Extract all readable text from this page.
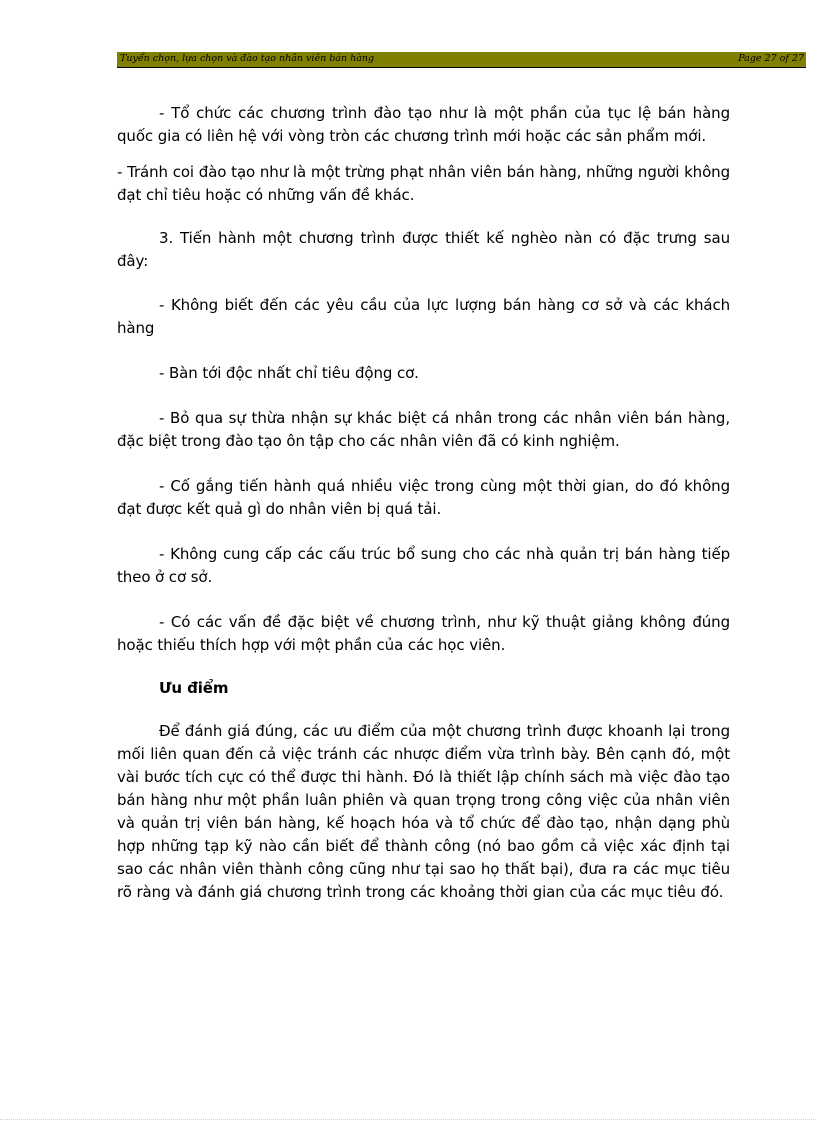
Tuyển chọn, lựa chọn và đào tạo nhân viên bán hàng	Page 27 of 27

- Tổ chức các chương trình đào tạo như là một phần của tục lệ bán hàng quốc gia có liên hệ với vòng tròn các chương trình mới hoặc các sản phẩm mới.

- Tránh coi đào tạo như là một trừng phạt nhân viên bán hàng, những người không đạt chỉ tiêu hoặc có những vấn đề khác.

3. Tiến hành một chương trình được thiết kế nghèo nàn có đặc trưng sau đây:

- Không biết đến các yêu cầu của lực lượng bán hàng cơ sở và các khách hàng

- Bàn tới độc nhất chỉ tiêu động cơ.

- Bỏ qua sự thừa nhận sự khác biệt cá nhân trong các nhân viên bán hàng, đặc biệt trong đào tạo ôn tập cho các nhân viên đã có kinh nghiệm.

- Cố gắng tiến hành quá nhiều việc trong cùng một thời gian, do đó không đạt được kết quả gì do nhân viên bị quá tải.

- Không cung cấp các cấu trúc bổ sung cho các nhà quản trị bán hàng tiếp theo ở cơ sở.

- Có các vấn đề đặc biệt về chương trình, như kỹ thuật giảng không đúng hoặc thiếu thích hợp với một phần của các học viên.

Ưu điểm

Để đánh giá đúng, các ưu điểm của một chương trình được khoanh lại trong mối liên quan đến cả việc tránh các nhược điểm vừa trình bày. Bên cạnh đó, một vài bước tích cực có thể được thi hành. Đó là thiết lập chính sách mà việc đào tạo bán hàng như một phần luân phiên và quan trọng trong công việc của nhân viên và quản trị viên bán hàng, kế hoạch hóa và tổ chức để đào tạo, nhận dạng phù hợp những tạp kỹ nào cần biết để thành công (nó bao gồm cả việc xác định tại sao các nhân viên thành công cũng như tại sao họ thất bại), đưa ra các mục tiêu rõ ràng và đánh giá chương trình trong các khoảng thời gian của các mục tiêu đó.
